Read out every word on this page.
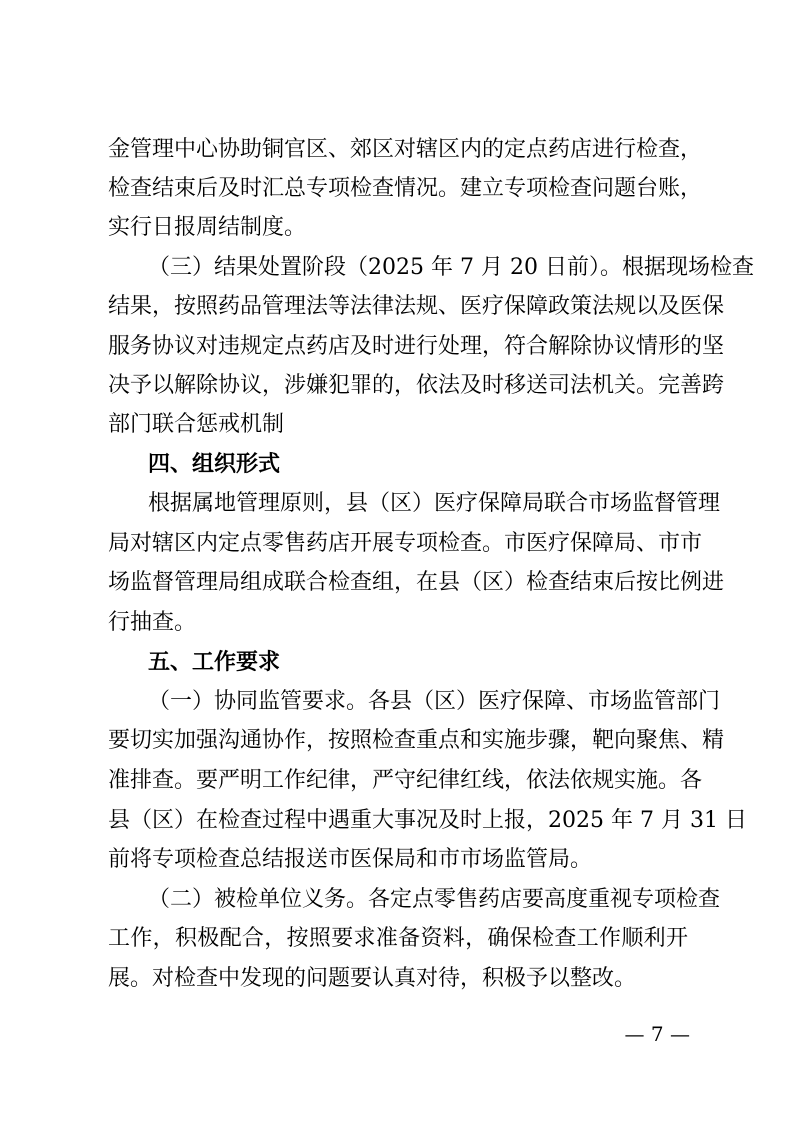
金管理中心协助铜官区、郊区对辖区内的定点药店进行检查，
检查结束后及时汇总专项检查情况。建立专项检查问题台账，
实行日报周结制度。
（三）结果处置阶段（2025 年 7 月 20 日前）。根据现场检查
结果，按照药品管理法等法律法规、医疗保障政策法规以及医保
服务协议对违规定点药店及时进行处理，符合解除协议情形的坚
决予以解除协议，涉嫌犯罪的，依法及时移送司法机关。完善跨
部门联合惩戒机制
四、组织形式
根据属地管理原则，县（区）医疗保障局联合市场监督管理
局对辖区内定点零售药店开展专项检查。市医疗保障局、市市
场监督管理局组成联合检查组，在县（区）检查结束后按比例进
行抽查。
五、工作要求
（一）协同监管要求。各县（区）医疗保障、市场监管部门
要切实加强沟通协作，按照检查重点和实施步骤，靶向聚焦、精
准排查。要严明工作纪律，严守纪律红线，依法依规实施。各
县（区）在检查过程中遇重大事况及时上报，2025 年 7 月 31 日
前将专项检查总结报送市医保局和市市场监管局。
（二）被检单位义务。各定点零售药店要高度重视专项检查
工作，积极配合，按照要求准备资料，确保检查工作顺利开
展。对检查中发现的问题要认真对待，积极予以整改。
— 7 —
